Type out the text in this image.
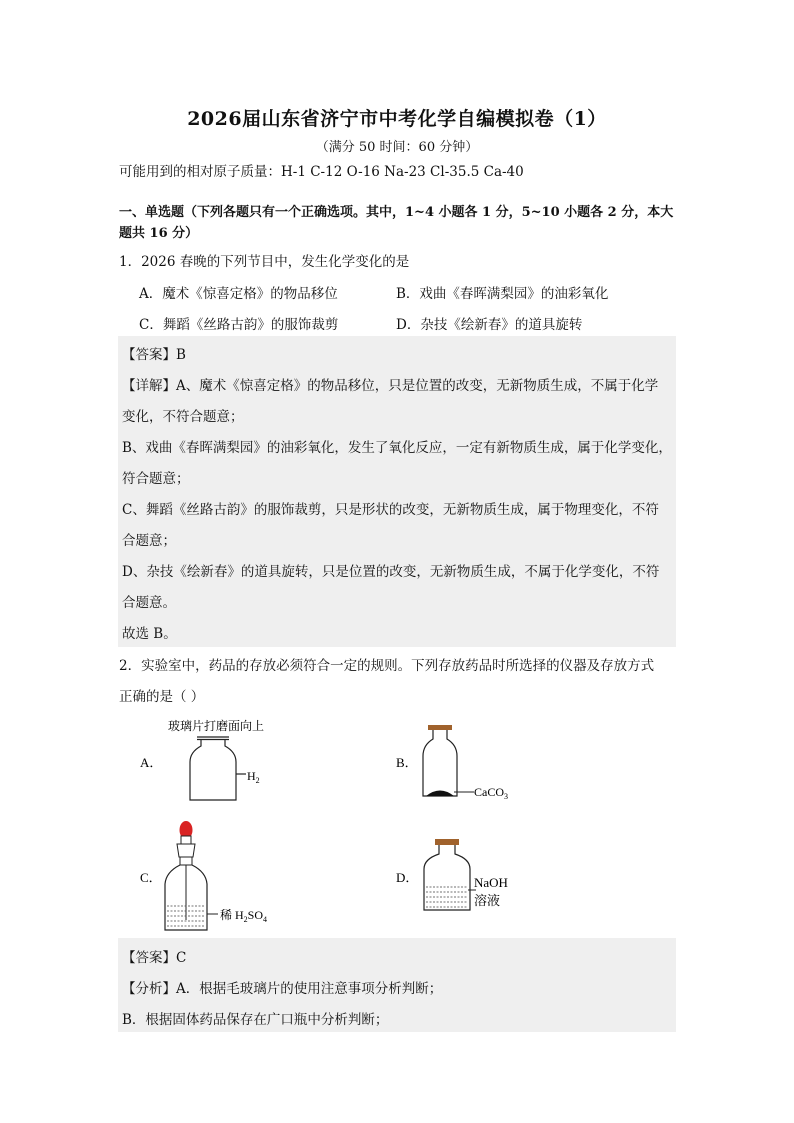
2026届山东省济宁市中考化学自编模拟卷（1）
（满分 50 时间：60 分钟）
可能用到的相对原子质量：H-1 C-12 O-16 Na-23 Cl-35.5 Ca-40
一、单选题（下列各题只有一个正确选项。其中，1~4 小题各 1 分，5~10 小题各 2 分，本大题共 16 分）
1．2026 春晚的下列节目中，发生化学变化的是
A．魔术《惊喜定格》的物品移位	B．戏曲《春晖满梨园》的油彩氧化
C．舞蹈《丝路古韵》的服饰裁剪	D．杂技《绘新春》的道具旋转
【答案】B
【详解】A、魔术《惊喜定格》的物品移位，只是位置的改变，无新物质生成，不属于化学
变化，不符合题意；
B、戏曲《春晖满梨园》的油彩氧化，发生了氧化反应，一定有新物质生成，属于化学变化，
符合题意；
C、舞蹈《丝路古韵》的服饰裁剪，只是形状的改变，无新物质生成，属于物理变化，不符
合题意；
D、杂技《绘新春》的道具旋转，只是位置的改变，无新物质生成，不属于化学变化，不符
合题意。
故选 B。
2．实验室中，药品的存放必须符合一定的规则。下列存放药品时所选择的仪器及存放方式
正确的是（ ）
A．
玻璃片打磨面向上
$H_2$
B．
CaCO$_3$
C．
稀 $H_2SO_4$
D．	NaOH
溶液
【答案】C
【分析】A．根据毛玻璃片的使用注意事项分析判断；
B．根据固体药品保存在广口瓶中分析判断；
